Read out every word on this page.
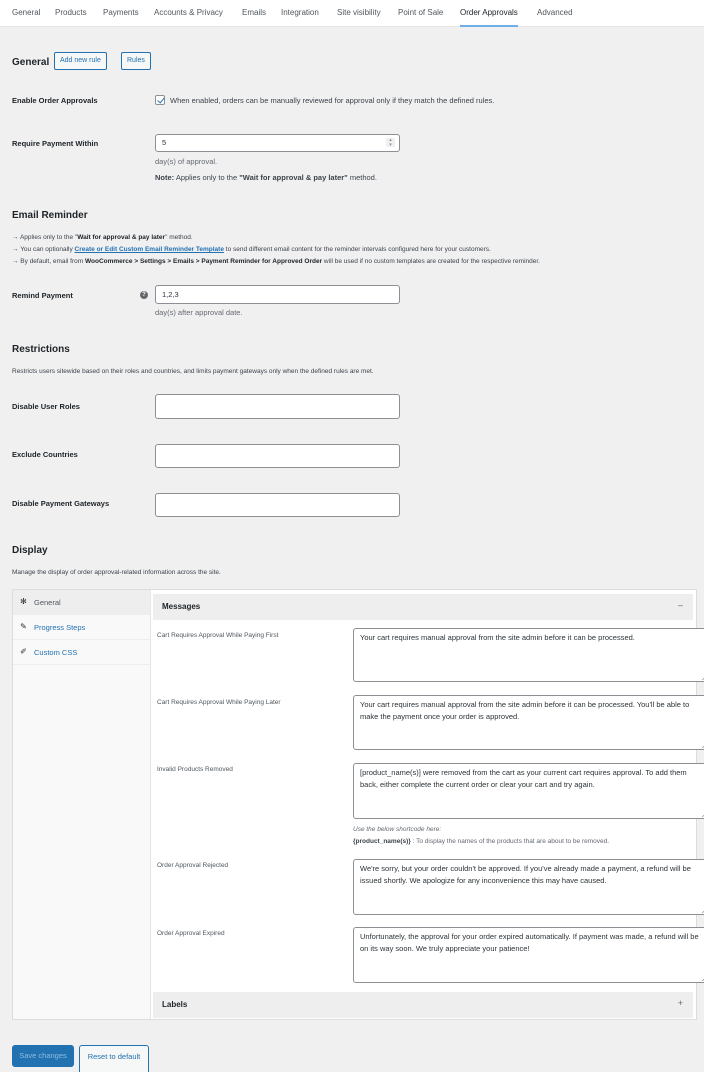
General Products Payments Accounts & Privacy Emails Integration Site visibility Point of Sale Order Approvals Advanced
General	Add new rule	Rules
Enable Order Approvals	When enabled, orders can be manually reviewed for approval only if they match the defined rules.
Require Payment Within	5	▴
▾
day(s) of approval.
Note: Applies only to the "Wait for approval & pay later" method.
Email Reminder
→ Applies only to the "Wait for approval & pay later" method.
→ You can optionally Create or Edit Custom Email Reminder Template to send different email content for the reminder intervals configured here for your customers.
→ By default, email from WooCommerce > Settings > Emails > Payment Reminder for Approved Order will be used if no custom templates are created for the respective reminder.
Remind Payment	?	1,2,3
day(s) after approval date.
Restrictions
Restricts users sitewide based on their roles and countries, and limits payment gateways only when the defined rules are met.
Disable User Roles
Exclude Countries
Disable Payment Gateways
Display
Manage the display of order approval-related information across the site.
✻ General
✎ Progress Steps
✐ Custom CSS
Messages	–
Labels	+
Cart Requires Approval While Paying First	Your cart requires manual approval from the site admin before it can be processed.
Cart Requires Approval While Paying Later	Your cart requires manual approval from the site admin before it can be processed. You'll be able to make the payment once your order is approved.
Invalid Products Removed	[product_name(s)] were removed from the cart as your current cart requires approval. To add them back, either complete the current order or clear your cart and try again.
Use the below shortcode here:
{product_name(s)} : To display the names of the products that are about to be removed.
Order Approval Rejected	We're sorry, but your order couldn't be approved. If you've already made a payment, a refund will be issued shortly. We apologize for any inconvenience this may have caused.
Order Approval Expired	Unfortunately, the approval for your order expired automatically. If payment was made, a refund will be on its way soon. We truly appreciate your patience!
Save changes	Reset to default
